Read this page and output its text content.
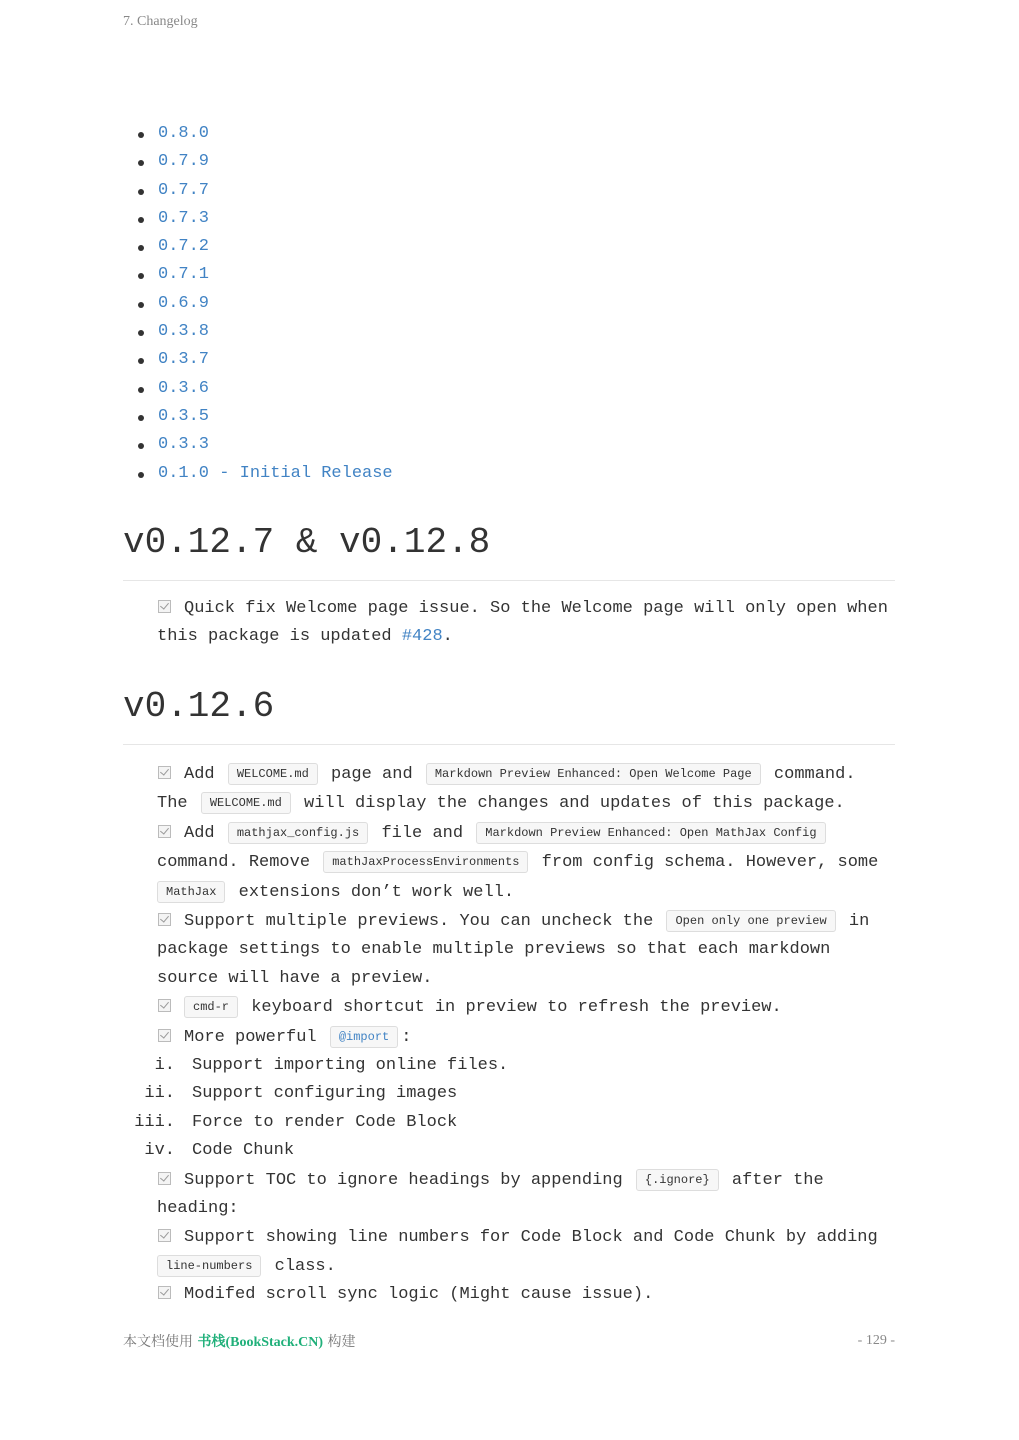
7. Changelog
0.8.0
0.7.9
0.7.7
0.7.3
0.7.2
0.7.1
0.6.9
0.3.8
0.3.7
0.3.6
0.3.5
0.3.3
0.1.0 - Initial Release
v0.12.7 & v0.12.8

Quick fix Welcome page issue. So the Welcome page will only open when this package is updated #428.

v0.12.6

Add WELCOME.md page and Markdown Preview Enhanced: Open Welcome Page command. The WELCOME.md will display the changes and updates of this package.

Add mathjax_config.js file and Markdown Preview Enhanced: Open MathJax Config command. Remove mathJaxProcessEnvironments from config schema. However, some MathJax extensions don’t work well.

Support multiple previews. You can uncheck the Open only one preview in package settings to enable multiple previews so that each markdown source will have a preview.

cmd-r keyboard shortcut in preview to refresh the preview.

More powerful @import :

i. Support importing online files.
ii. Support configuring images
iii. Force to render Code Block
iv. Code Chunk

Support TOC to ignore headings by appending {.ignore} after the heading:

Support showing line numbers for Code Block and Code Chunk by adding line-numbers class.

Modifed scroll sync logic (Might cause issue).

本文档使用 书栈(BookStack.CN) 构建	- 129 -
